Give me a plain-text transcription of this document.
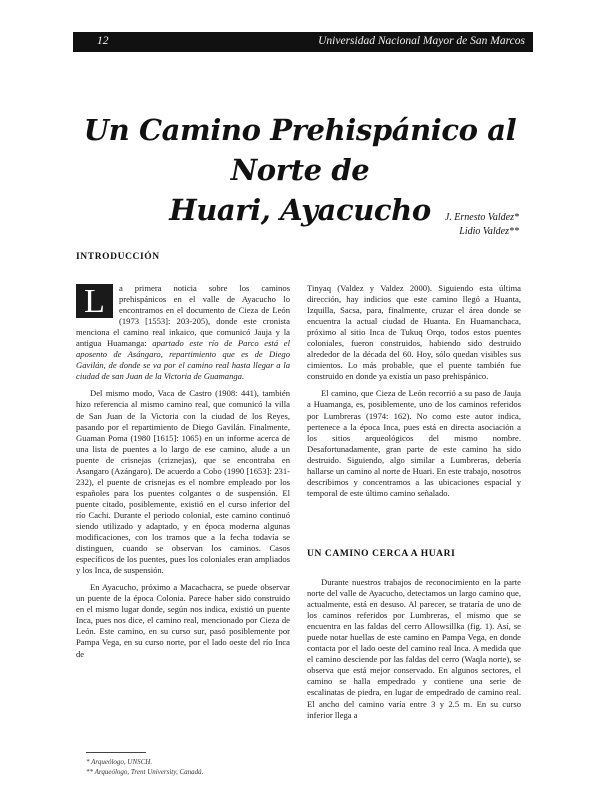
12	Universidad Nacional Mayor de San Marcos
Un Camino Prehispánico al Norte de
Huari, Ayacucho	J. Ernesto Valdez*
Lidio Valdez**
INTRODUCCIÓN

L	a primera noticia sobre los caminos prehispánicos en el valle de Ayacucho lo encontramos en el documento de Cieza de León (1973 [1553]: 203-205), donde este cronista menciona el camino real inkaico, que comunicó Jauja y la antigua Huamanga: apartado este río de Parco está el aposento de Asángaro, repartimiento que es de Diego Gavilán, de donde se va por el camino real hasta llegar a la ciudad de san Juan de la Victoria de Guamanga.

Del mismo modo, Vaca de Castro (1908: 441), también hizo referencia al mismo camino real, que comunicó la villa de San Juan de la Victoria con la ciudad de los Reyes, pasando por el repartimiento de Diego Gavilán. Finalmente, Guaman Poma (1980 [1615]: 1065) en un informe acerca de una lista de puentes a lo largo de ese camino, alude a un puente de crisnejas (criznejas), que se encontraba en Asangaro (Azángaro). De acuerdo a Cobo (1990 [1653]: 231-232), el puente de crisnejas es el nombre empleado por los españoles para los puentes colgantes o de suspensión. El puente citado, posiblemente, existió en el curso inferior del río Cachi. Durante el periodo colonial, este camino continuó siendo utilizado y adaptado, y en época moderna algunas modificaciones, con los tramos que a la fecha todavía se distinguen, cuando se observan los caminos. Casos específicos de los puentes, pues los coloniales eran ampliados y los Inca, de suspensión.

En Ayacucho, próximo a Macachacra, se puede observar un puente de la época Colonia. Parece haber sido construido en el mismo lugar donde, según nos indica, existió un puente Inca, pues nos dice, el camino real, mencionado por Cieza de León. Este camino, en su curso sur, pasó posiblemente por Pampa Vega, en su curso norte, por el lado oeste del río Inca de

Tinyaq (Valdez y Valdez 2000). Siguiendo esta última dirección, hay indicios que este camino llegó a Huanta, Izquilla, Sacsa, para, finalmente, cruzar el área donde se encuentra la actual ciudad de Huanta. En Huamanchaca, próximo al sitio Inca de Tukuq Orqo, todos estos puentes coloniales, fueron construidos, habiendo sido destruido alrededor de la década del 60. Hoy, sólo quedan visibles sus cimientos. Lo más probable, que el puente también fue construido en donde ya existía un paso prehispánico.

El camino, que Cieza de León recorrió a su paso de Jauja a Huamanga, es, posiblemente, uno de los caminos referidos por Lumbreras (1974: 162). No como este autor indica, pertenece a la época Inca, pues está en directa asociación a los sitios arqueológicos del mismo nombre. Desafortunadamente, gran parte de este camino ha sido destruido. Siguiendo, algo similar a Lumbreras, debería hallarse un camino al norte de Huari. En este trabajo, nosotros describimos y concentramos a las ubicaciones espacial y temporal de este último camino señalado.

UN CAMINO CERCA A HUARI

Durante nuestros trabajos de reconocimiento en la parte norte del valle de Ayacucho, detectamos un largo camino que, actualmente, está en desuso. Al parecer, se trataría de uno de los caminos referidos por Lumbreras, el mismo que se encuentra en las faldas del cerro Allowsillka (fig. 1). Así, se puede notar huellas de este camino en Pampa Vega, en donde contacta por el lado oeste del camino real Inca. A medida que el camino desciende por las faldas del cerro (Waqla norte), se observa que está mejor conservado. En algunos sectores, el camino se halla empedrado y contiene una serie de escalinatas de piedra, en lugar de empedrado de camino real. El ancho del camino varía entre 3 y 2.5 m. En su curso inferior llega a

* Arqueólogo, UNSCH.
** Arqueólogo, Trent University, Canadá.
